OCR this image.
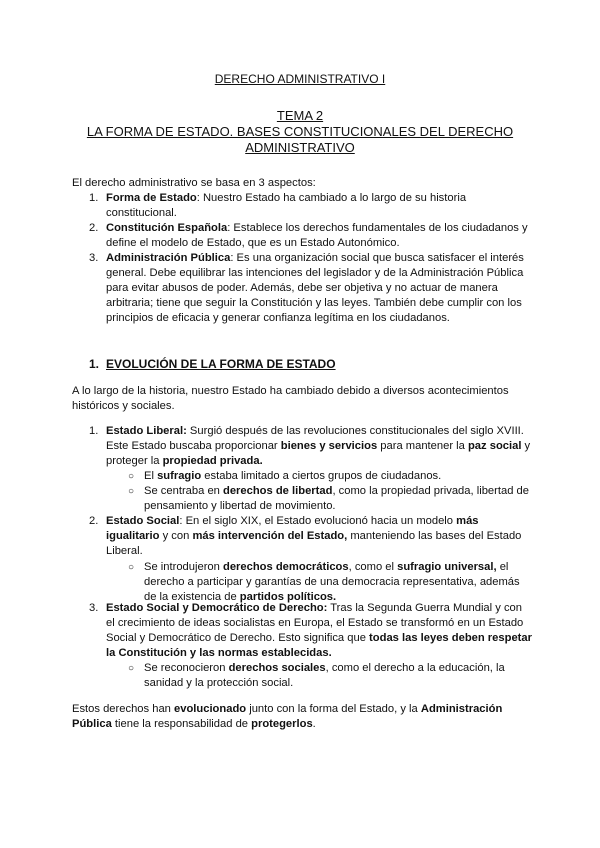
DERECHO ADMINISTRATIVO I
TEMA 2
LA FORMA DE ESTADO. BASES CONSTITUCIONALES DEL DERECHO ADMINISTRATIVO
El derecho administrativo se basa en 3 aspectos:
1. Forma de Estado: Nuestro Estado ha cambiado a lo largo de su historia constitucional.
2. Constitución Española: Establece los derechos fundamentales de los ciudadanos y define el modelo de Estado, que es un Estado Autonómico.
3. Administración Pública: Es una organización social que busca satisfacer el interés general. Debe equilibrar las intenciones del legislador y de la Administración Pública para evitar abusos de poder. Además, debe ser objetiva y no actuar de manera arbitraria; tiene que seguir la Constitución y las leyes. También debe cumplir con los principios de eficacia y generar confianza legítima en los ciudadanos.
1. EVOLUCIÓN DE LA FORMA DE ESTADO
A lo largo de la historia, nuestro Estado ha cambiado debido a diversos acontecimientos históricos y sociales.
1. Estado Liberal: Surgió después de las revoluciones constitucionales del siglo XVIII. Este Estado buscaba proporcionar bienes y servicios para mantener la paz social y proteger la propiedad privada.
○ El sufragio estaba limitado a ciertos grupos de ciudadanos.
○ Se centraba en derechos de libertad, como la propiedad privada, libertad de pensamiento y libertad de movimiento.
2. Estado Social: En el siglo XIX, el Estado evolucionó hacia un modelo más igualitario y con más intervención del Estado, manteniendo las bases del Estado Liberal.
○ Se introdujeron derechos democráticos, como el sufragio universal, el derecho a participar y garantías de una democracia representativa, además de la existencia de partidos políticos.
3. Estado Social y Democrático de Derecho: Tras la Segunda Guerra Mundial y con el crecimiento de ideas socialistas en Europa, el Estado se transformó en un Estado Social y Democrático de Derecho. Esto significa que todas las leyes deben respetar la Constitución y las normas establecidas.
○ Se reconocieron derechos sociales, como el derecho a la educación, la sanidad y la protección social.
Estos derechos han evolucionado junto con la forma del Estado, y la Administración Pública tiene la responsabilidad de protegerlos.
